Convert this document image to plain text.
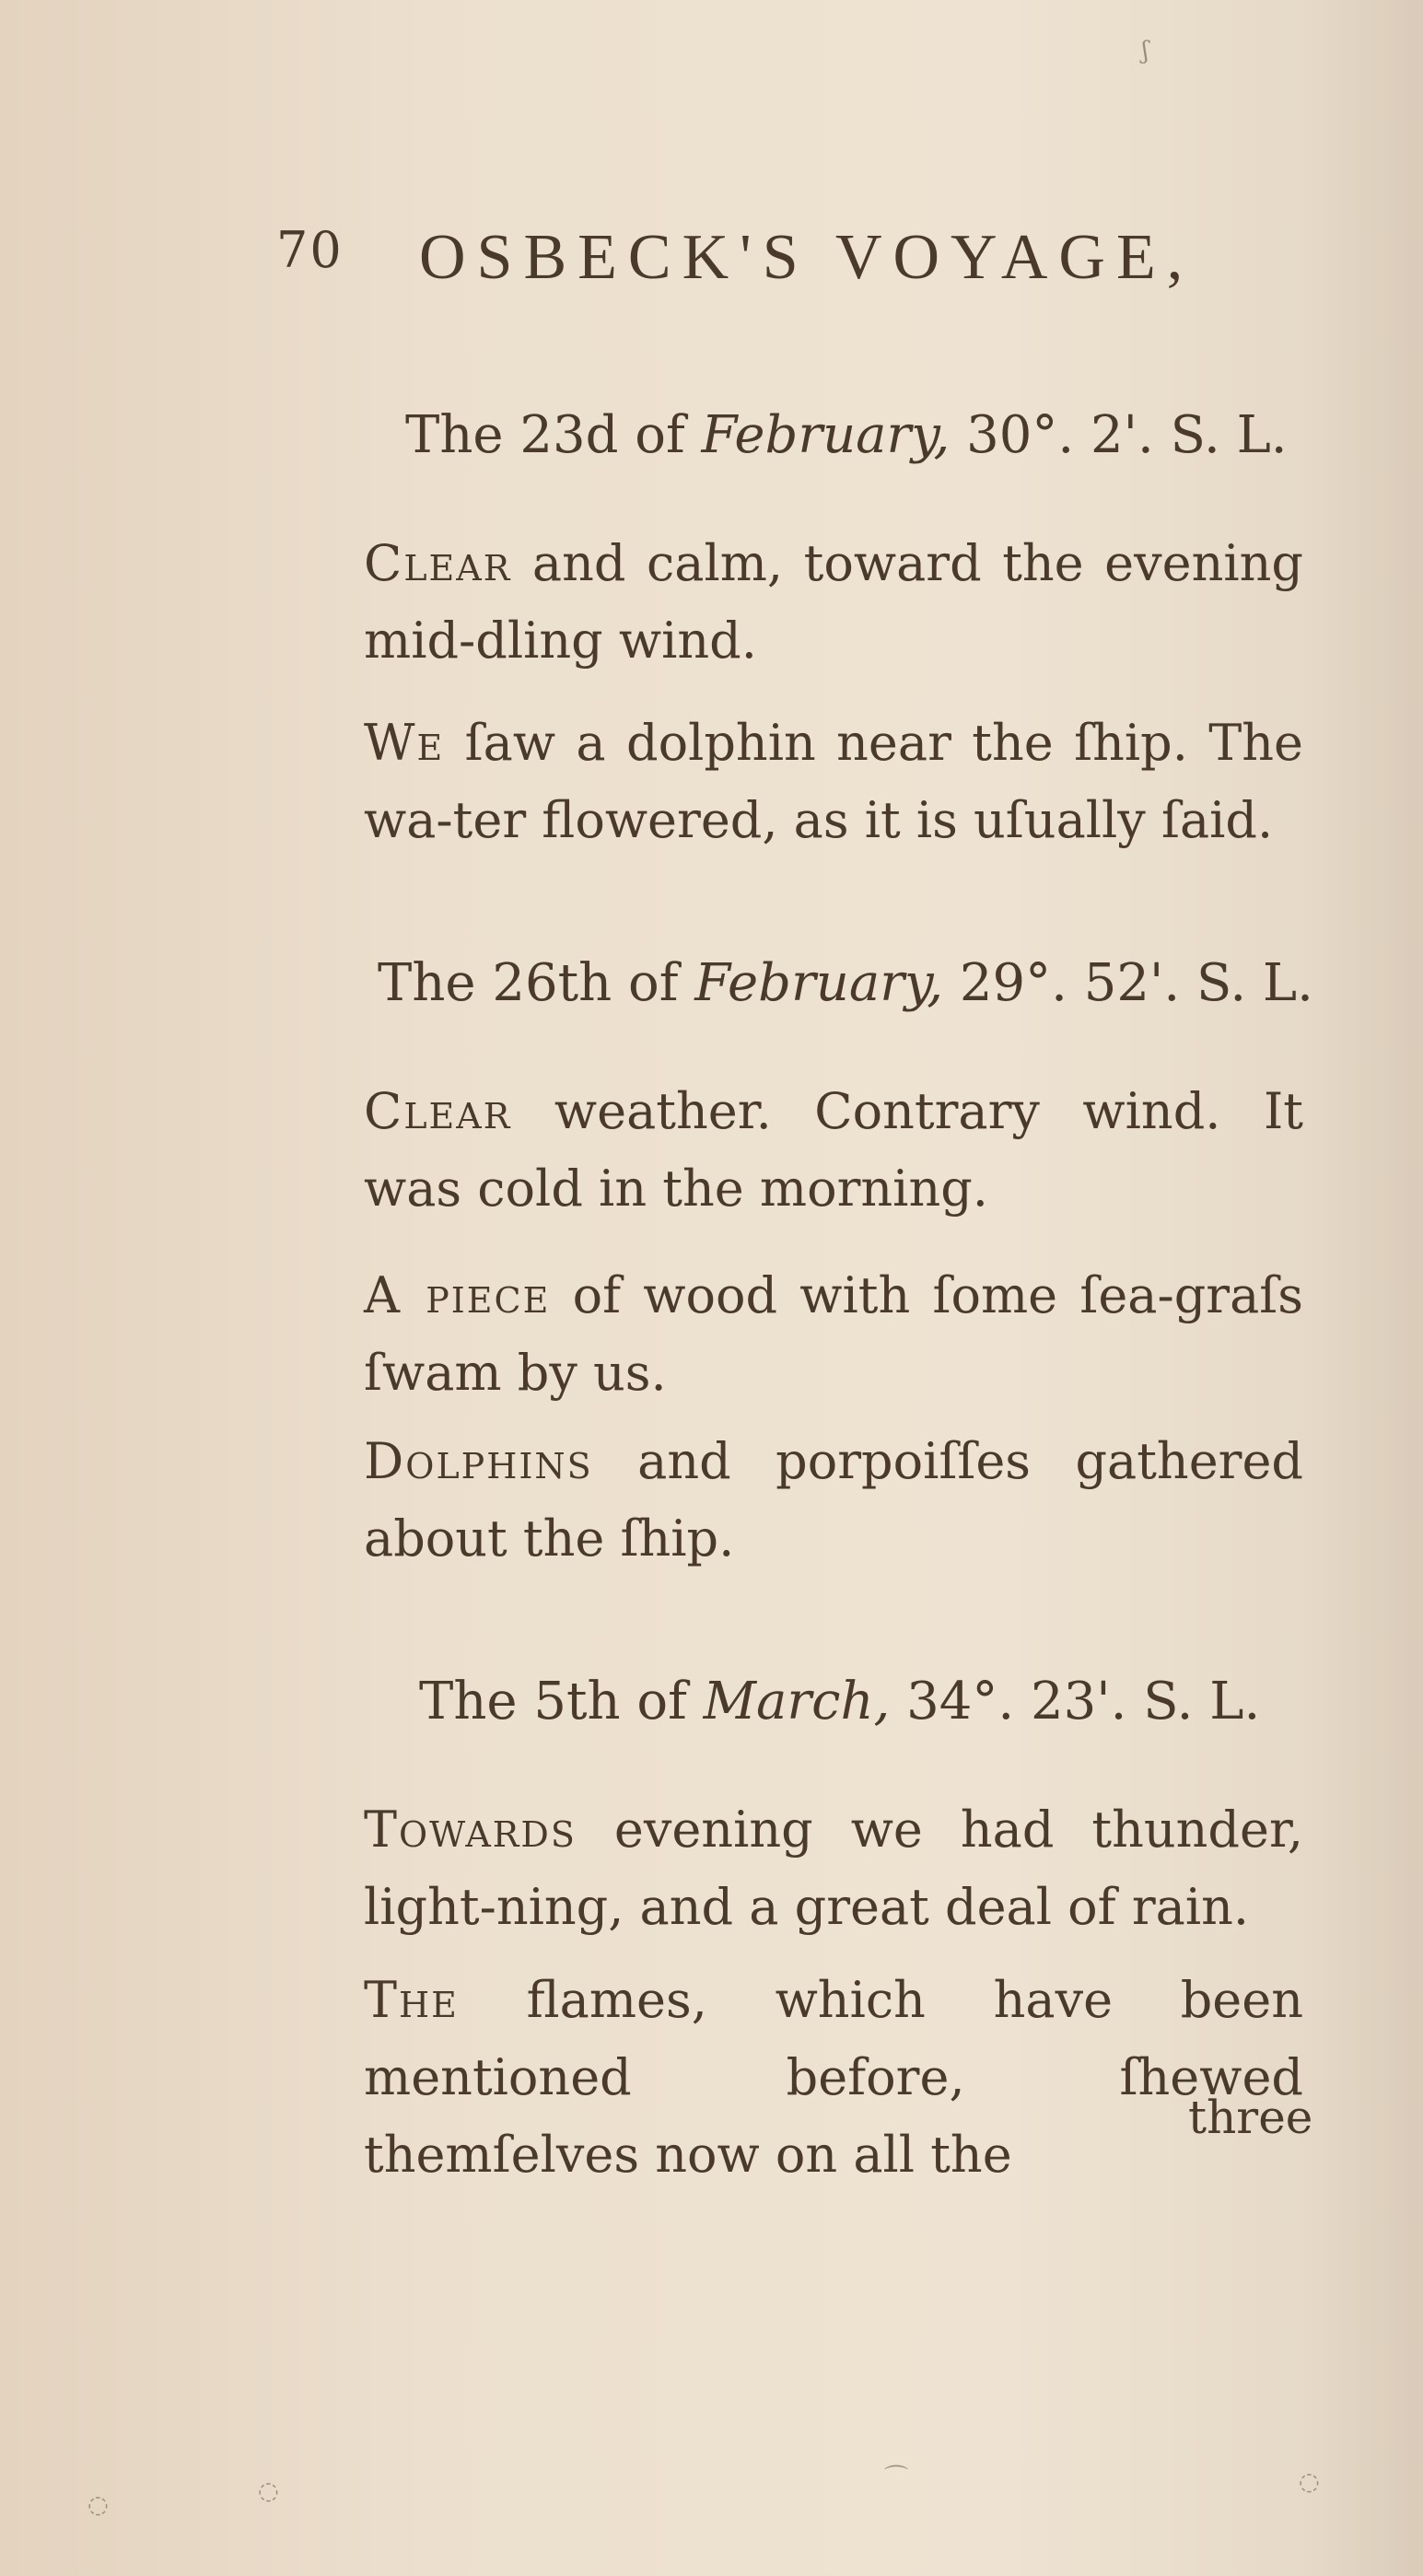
70 OSBECK'S VOYAGE,
The 23d of February, 30°. 2'. S. L.

Clear and calm, toward the evening mid-dling wind.

We ſaw a dolphin near the ſhip. The wa-ter flowered, as it is uſually ſaid.

The 26th of February, 29°. 52'. S. L.

Clear weather. Contrary wind. It was cold in the morning.

A piece of wood with ſome ſea-graſs ſwam by us.

Dolphins and porpoiſſes gathered about the ſhip.

The 5th of March, 34°. 23'. S. L.

Towards evening we had thunder, light-ning, and a great deal of rain.

The flames, which have been mentioned before, ſhewed themſelves now on all the

three
ʃ
◌	◌	⌒	◌
